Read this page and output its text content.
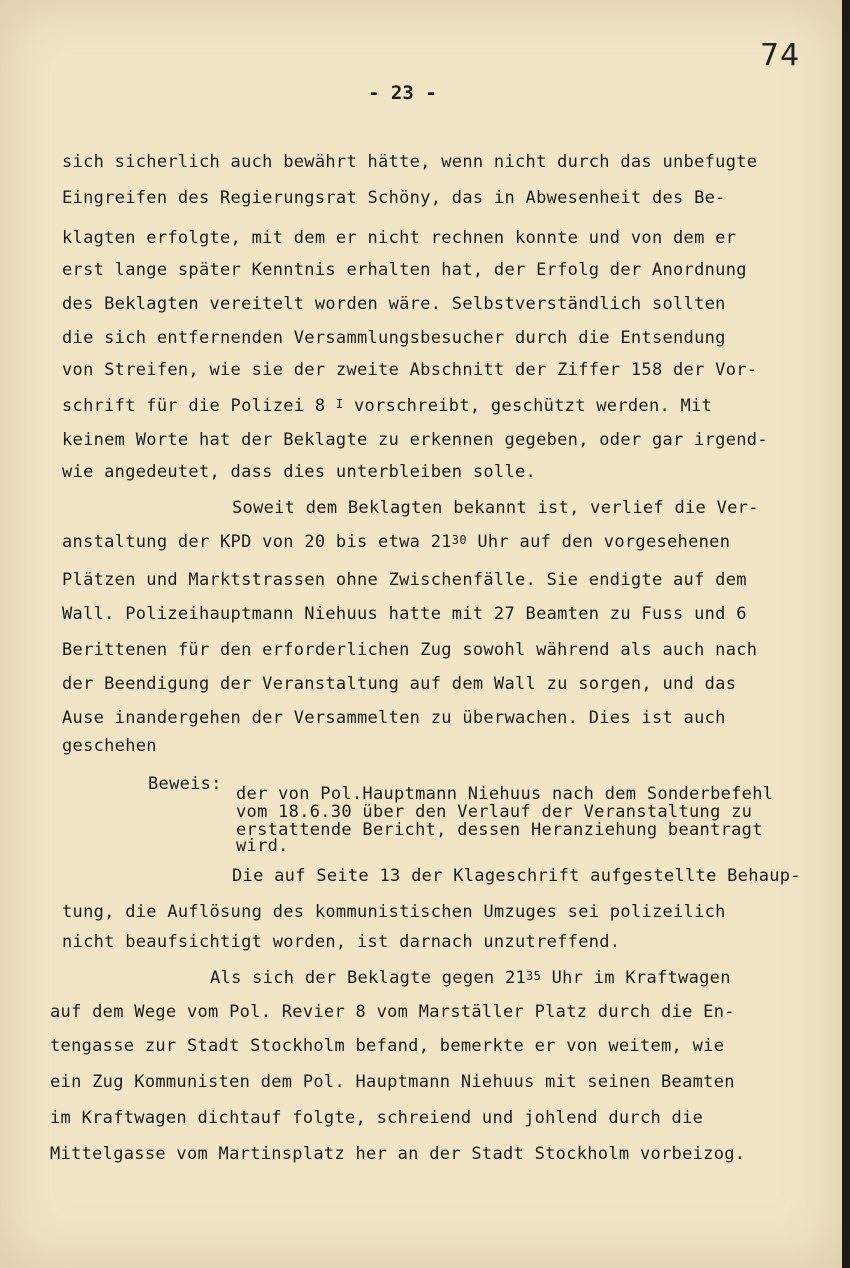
74
- 23 -
sich sicherlich auch bewährt hätte, wenn nicht durch das unbefugte
Eingreifen des Regierungsrat Schöny, das in Abwesenheit des Be-
klagten erfolgte, mit dem er nicht rechnen konnte und von dem er
erst lange später Kenntnis erhalten hat, der Erfolg der Anordnung
des Beklagten vereitelt worden wäre. Selbstverständlich sollten
die sich entfernenden Versammlungsbesucher durch die Entsendung
von Streifen, wie sie der zweite Abschnitt der Ziffer 158 der Vor-
schrift für die Polizei 8 $^I$ vorschreibt, geschützt werden. Mit
keinem Worte hat der Beklagte zu erkennen gegeben, oder gar irgend-
wie angedeutet, dass dies unterbleiben solle.
Soweit dem Beklagten bekannt ist, verlief die Ver-
anstaltung der KPD von 20 bis etwa $21^{30}$ Uhr auf den vorgesehenen
Plätzen und Marktstrassen ohne Zwischenfälle. Sie endigte auf dem
Wall. Polizeihauptmann Niehuus hatte mit 27 Beamten zu Fuss und 6
Berittenen für den erforderlichen Zug sowohl während als auch nach
der Beendigung der Veranstaltung auf dem Wall zu sorgen, und das
Ause inandergehen der Versammelten zu überwachen. Dies ist auch
geschehen
Beweis: der von Pol.Hauptmann Niehuus nach dem Sonderbefehl
vom 18.6.30 über den Verlauf der Veranstaltung zu
erstattende Bericht, dessen Heranziehung beantragt
wird.
Die auf Seite 13 der Klageschrift aufgestellte Behaup-
tung, die Auflösung des kommunistischen Umzuges sei polizeilich
nicht beaufsichtigt worden, ist darnach unzutreffend.
Als sich der Beklagte gegen $21^{35}$ Uhr im Kraftwagen
auf dem Wege vom Pol. Revier 8 vom Marställer Platz durch die En-
tengasse zur Stadt Stockholm befand, bemerkte er von weitem, wie
ein Zug Kommunisten dem Pol. Hauptmann Niehuus mit seinen Beamten
im Kraftwagen dichtauf folgte, schreiend und johlend durch die
Mittelgasse vom Martinsplatz her an der Stadt Stockholm vorbeizog.
